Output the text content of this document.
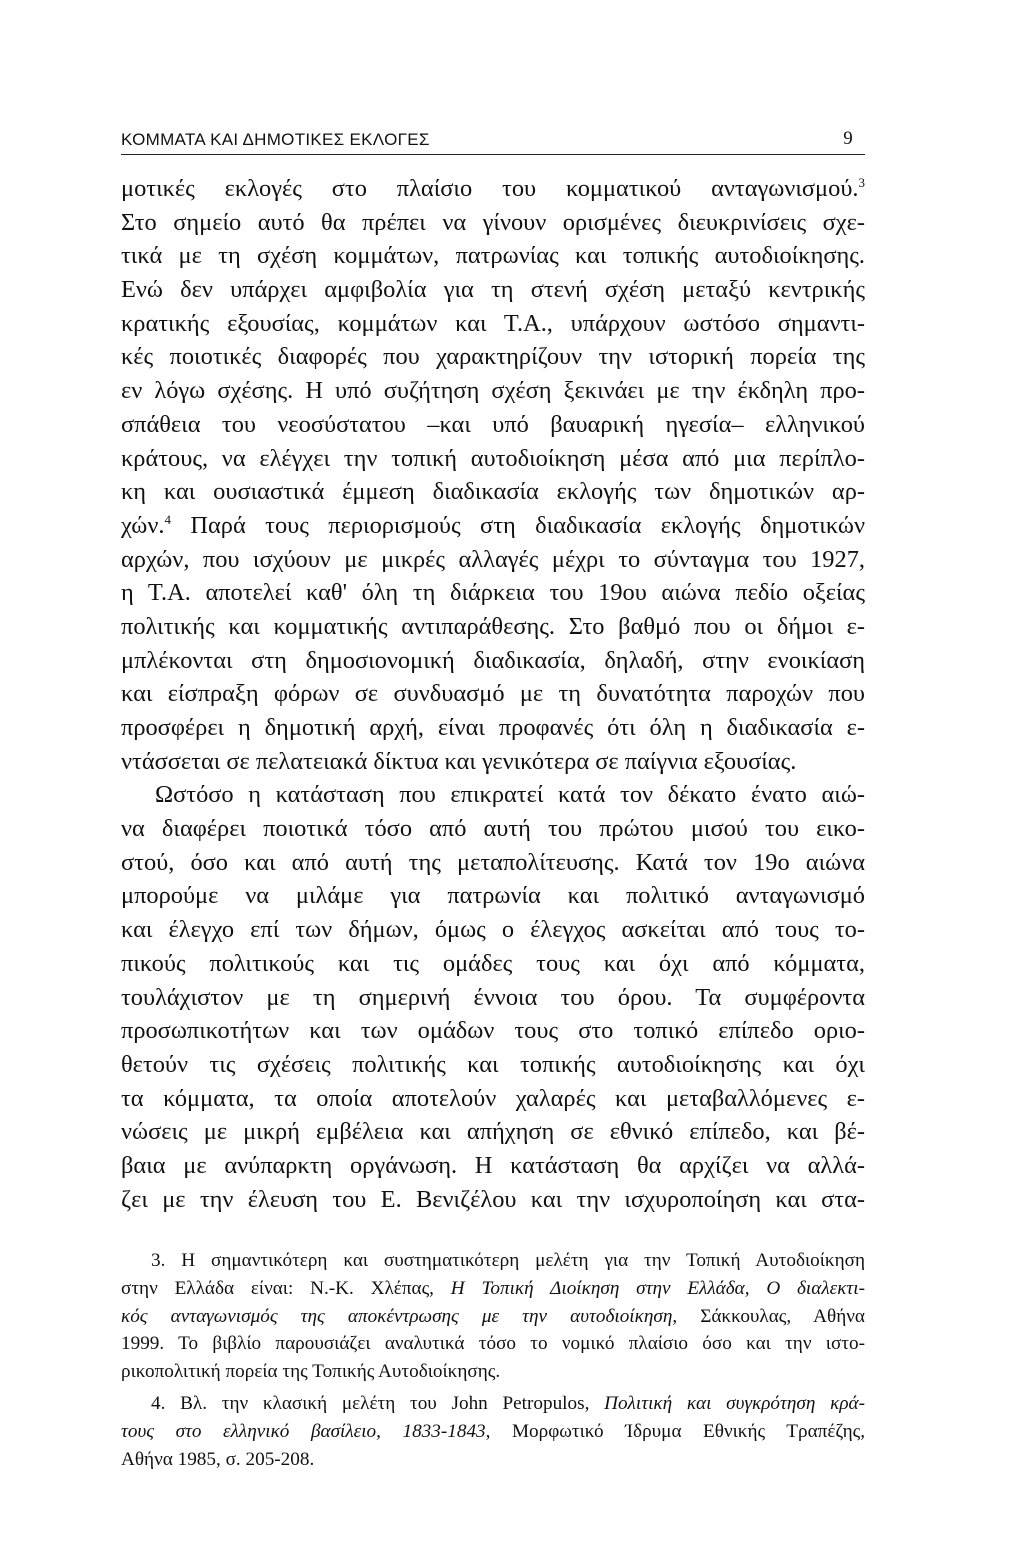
ΚΟΜΜΑΤΑ ΚΑΙ ΔΗΜΟΤΙΚΕΣ ΕΚΛΟΓΕΣ	9
μοτικές εκλογές στο πλαίσιο του κομματικού ανταγωνισμού.$^3$
Στο σημείο αυτό θα πρέπει να γίνουν ορισμένες διευκρινίσεις σχε-
τικά με τη σχέση κομμάτων, πατρωνίας και τοπικής αυτοδιοίκησης.
Ενώ δεν υπάρχει αμφιβολία για τη στενή σχέση μεταξύ κεντρικής
κρατικής εξουσίας, κομμάτων και Τ.Α., υπάρχουν ωστόσο σημαντι-
κές ποιοτικές διαφορές που χαρακτηρίζουν την ιστορική πορεία της
εν λόγω σχέσης. Η υπό συζήτηση σχέση ξεκινάει με την έκδηλη προ-
σπάθεια του νεοσύστατου –και υπό βαυαρική ηγεσία– ελληνικού
κράτους, να ελέγχει την τοπική αυτοδιοίκηση μέσα από μια περίπλο-
κη και ουσιαστικά έμμεση διαδικασία εκλογής των δημοτικών αρ-
χών.$^4$ Παρά τους περιορισμούς στη διαδικασία εκλογής δημοτικών
αρχών, που ισχύουν με μικρές αλλαγές μέχρι το σύνταγμα του 1927,
η Τ.Α. αποτελεί καθ' όλη τη διάρκεια του 19ου αιώνα πεδίο οξείας
πολιτικής και κομματικής αντιπαράθεσης. Στο βαθμό που οι δήμοι ε-
μπλέκονται στη δημοσιονομική διαδικασία, δηλαδή, στην ενοικίαση
και είσπραξη φόρων σε συνδυασμό με τη δυνατότητα παροχών που
προσφέρει η δημοτική αρχή, είναι προφανές ότι όλη η διαδικασία ε-
ντάσσεται σε πελατειακά δίκτυα και γενικότερα σε παίγνια εξουσίας.
Ωστόσο η κατάσταση που επικρατεί κατά τον δέκατο ένατο αιώ-
να διαφέρει ποιοτικά τόσο από αυτή του πρώτου μισού του εικο-
στού, όσο και από αυτή της μεταπολίτευσης. Κατά τον 19ο αιώνα
μπορούμε να μιλάμε για πατρωνία και πολιτικό ανταγωνισμό
και έλεγχο επί των δήμων, όμως ο έλεγχος ασκείται από τους το-
πικούς πολιτικούς και τις ομάδες τους και όχι από κόμματα,
τουλάχιστον με τη σημερινή έννοια του όρου. Τα συμφέροντα
προσωπικοτήτων και των ομάδων τους στο τοπικό επίπεδο οριο-
θετούν τις σχέσεις πολιτικής και τοπικής αυτοδιοίκησης και όχι
τα κόμματα, τα οποία αποτελούν χαλαρές και μεταβαλλόμενες ε-
νώσεις με μικρή εμβέλεια και απήχηση σε εθνικό επίπεδο, και βέ-
βαια με ανύπαρκτη οργάνωση. Η κατάσταση θα αρχίζει να αλλά-
ζει με την έλευση του Ε. Βενιζέλου και την ισχυροποίηση και στα-
3. Η σημαντικότερη και συστηματικότερη μελέτη για την Τοπική Αυτοδιοίκηση
στην Ελλάδα είναι: Ν.-Κ. Χλέπας, Η Τοπική Διοίκηση στην Ελλάδα, Ο διαλεκτι-
κός ανταγωνισμός της αποκέντρωσης με την αυτοδιοίκηση, Σάκκουλας, Αθήνα
1999. Το βιβλίο παρουσιάζει αναλυτικά τόσο το νομικό πλαίσιο όσο και την ιστο-
ρικοπολιτική πορεία της Τοπικής Αυτοδιοίκησης.
4. Βλ. την κλασική μελέτη του John Petropulos, Πολιτική και συγκρότηση κρά-
τους στο ελληνικό βασίλειο, 1833-1843, Μορφωτικό Ίδρυμα Εθνικής Τραπέζης,
Αθήνα 1985, σ. 205-208.
